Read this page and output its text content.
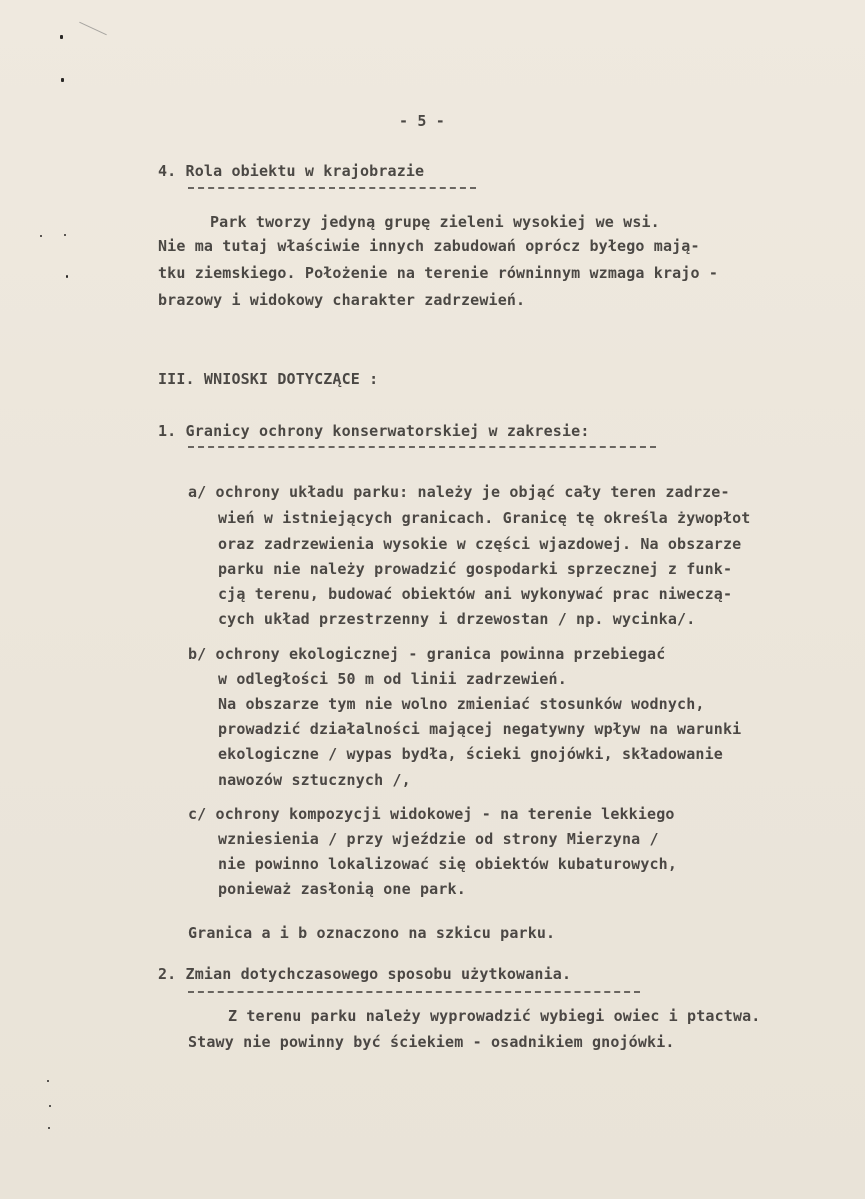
- 5 -
4. Rola obiektu w krajobrazie
Park tworzy jedyną grupę zieleni wysokiej we wsi.
Nie ma tutaj właściwie innych zabudowań oprócz byłego mają-
tku ziemskiego. Położenie na terenie równinnym wzmaga krajo -
brazowy i widokowy charakter zadrzewień.
III. WNIOSKI DOTYCZĄCE :
1. Granicy ochrony konserwatorskiej w zakresie:
a/ ochrony układu parku: należy je objąć cały teren zadrze-
wień w istniejących granicach. Granicę tę określa żywopłot
oraz zadrzewienia wysokie w części wjazdowej. Na obszarze
parku nie należy prowadzić gospodarki sprzecznej z funk-
cją terenu, budować obiektów ani wykonywać prac niweczą-
cych układ przestrzenny i drzewostan / np. wycinka/.
b/ ochrony ekologicznej - granica powinna przebiegać
w odległości 50 m od linii zadrzewień.
Na obszarze tym nie wolno zmieniać stosunków wodnych,
prowadzić działalności mającej negatywny wpływ na warunki
ekologiczne / wypas bydła, ścieki gnojówki, składowanie
nawozów sztucznych /,
c/ ochrony kompozycji widokowej - na terenie lekkiego
wzniesienia / przy wjeździe od strony Mierzyna /
nie powinno lokalizować się obiektów kubaturowych,
ponieważ zasłonią one park.
Granica a i b oznaczono na szkicu parku.
2. Zmian dotychczasowego sposobu użytkowania.
Z terenu parku należy wyprowadzić wybiegi owiec i ptactwa.
Stawy nie powinny być ściekiem - osadnikiem gnojówki.
